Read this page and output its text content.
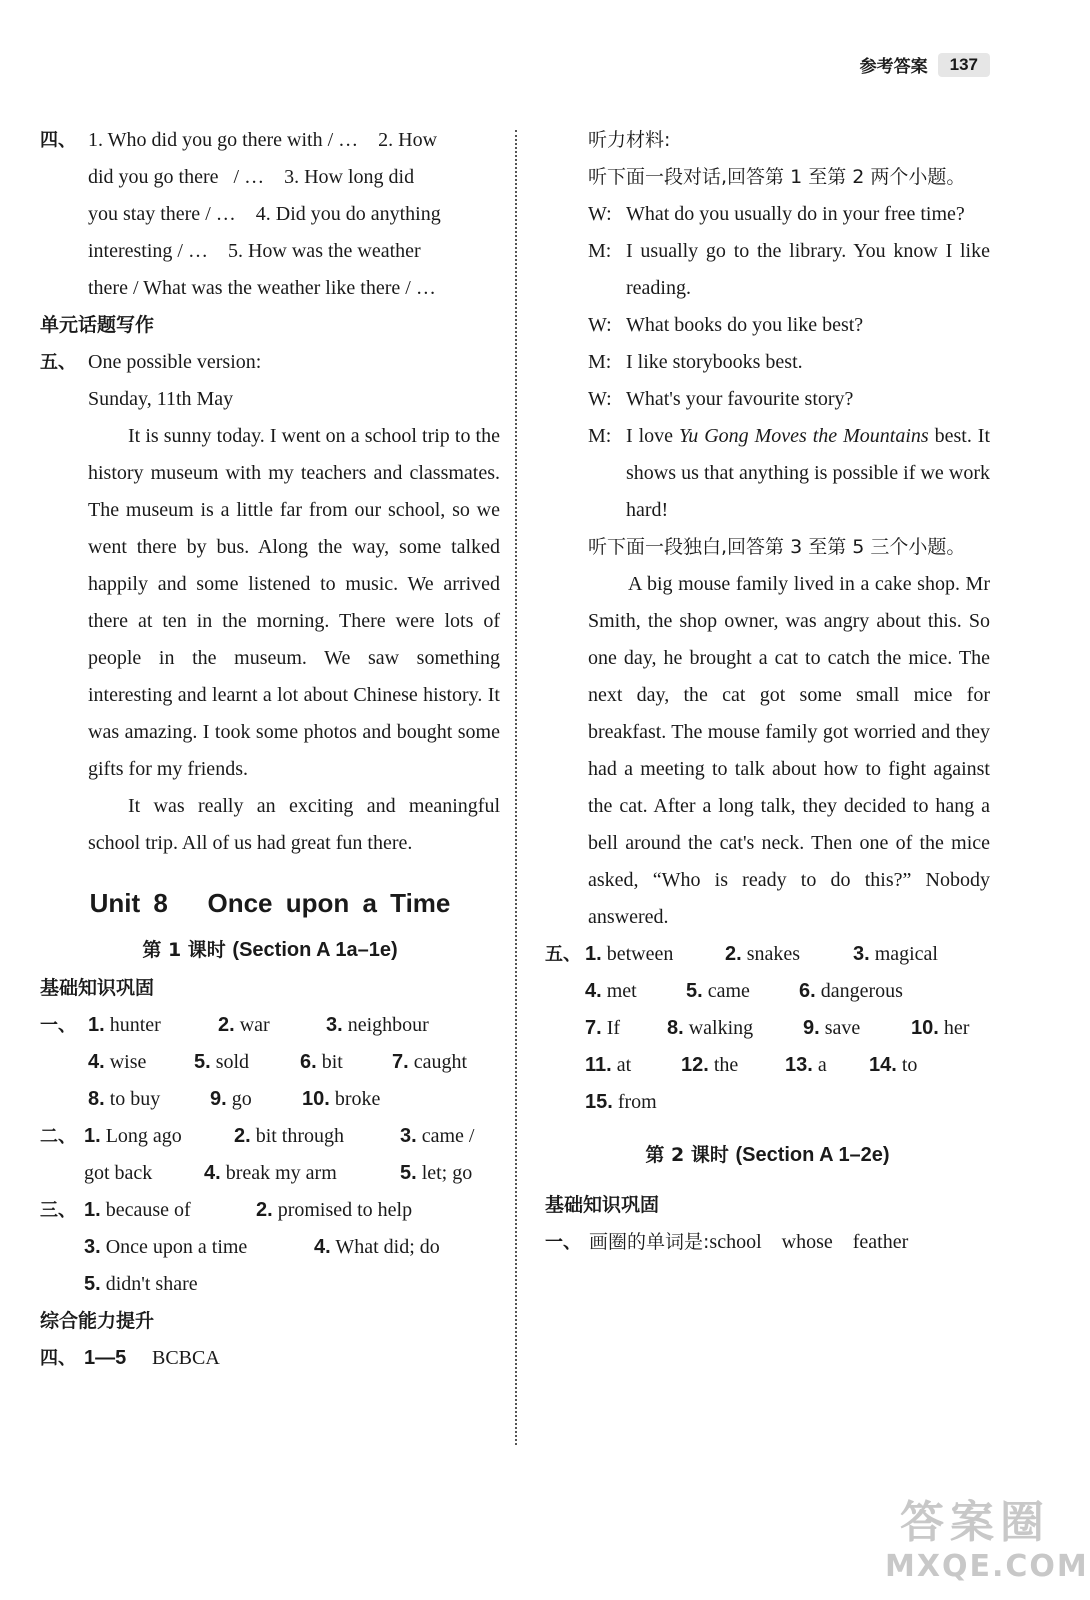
参考答案	137
四、 1. Who did you go there with / …    2. How
did you go there   / …    3. How long did
you stay there / …    4. Did you do anything
interesting / …    5. How was the weather
there / What was the weather like there / …
单元话题写作
五、 One possible version:
Sunday, 11th May
It is sunny today. I went on a school trip to the history museum with my teachers and classmates. The museum is a little far from our school, so we went there by bus. Along the way, some talked happily and some listened to music. We arrived there at ten in the morning. There were lots of people in the museum. We saw something interesting and learnt a lot about Chinese history. It was amazing. I took some photos and bought some gifts for my friends.
It was really an exciting and meaningful school trip. All of us had great fun there.
Unit 8   Once upon a Time
第 1 课时 (Section A 1a–1e)
基础知识巩固
一、 1. hunter	2. war	3. neighbour
4. wise	5. sold	6. bit	7. caught
8. to buy	9. go	10. broke
二、 1. Long ago	2. bit through	3. came /
got back	4. break my arm	5. let; go
三、 1. because of	2. promised to help
3. Once upon a time	4. What did; do
5. didn't share
综合能力提升
四、 1—5	BCBCA
听力材料:
听下面一段对话,回答第 1 至第 2 两个小题。
W: What do you usually do in your free time?
M: I usually go to the library. You know I like reading.
W: What books do you like best?
M: I like storybooks best.
W: What's your favourite story?
M: I love Yu Gong Moves the Mountains best. It shows us that anything is possible if we work hard!
听下面一段独白,回答第 3 至第 5 三个小题。
A big mouse family lived in a cake shop. Mr Smith, the shop owner, was angry about this. So one day, he brought a cat to catch the mice. The next day, the cat got some small mice for breakfast. The mouse family got worried and they had a meeting to talk about how to fight against the cat. After a long talk, they decided to hang a bell around the cat's neck. Then one of the mice asked, “Who is ready to do this?” Nobody answered.
五、 1. between	2. snakes	3. magical
4. met	5. came	6. dangerous
7. If	8. walking	9. save	10. her
11. at	12. the	13. a	14. to
15. from
第 2 课时 (Section A 1–2e)
基础知识巩固
一、 画圈的单词是: school    whose    feather
答案圈
MXQE.COM
